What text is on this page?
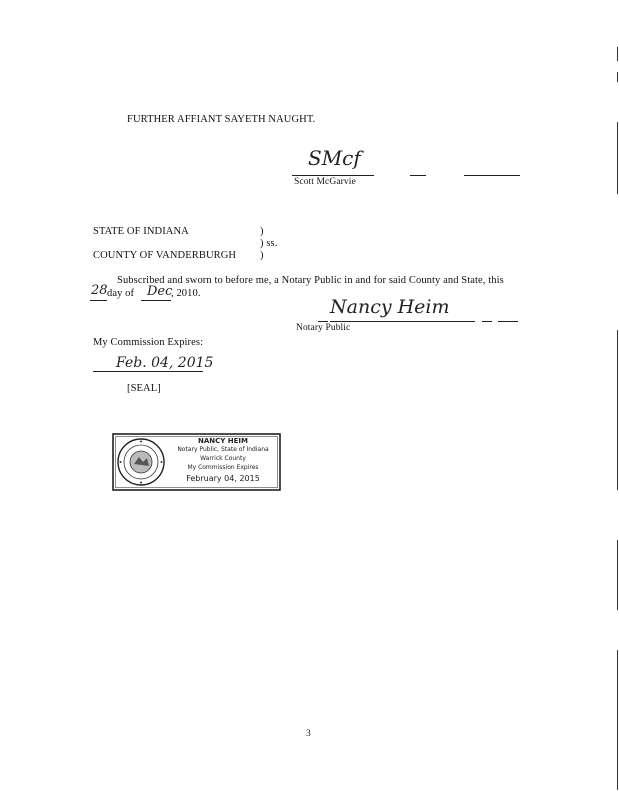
FURTHER AFFIANT SAYETH NAUGHT.
SMcf
Scott McGarvie
STATE OF INDIANA	)
) ss.
COUNTY OF VANDERBURGH )
Subscribed and sworn to before me, a Notary Public in and for said County and State, this
28 day of Dec
, 2010.
Nancy Heim
Notary Public
My Commission Expires:
Feb. 04, 2015
[SEAL]
NANCY HEIM
Notary Public, State of Indiana
Warrick County
My Commission Expires
February 04, 2015
3
